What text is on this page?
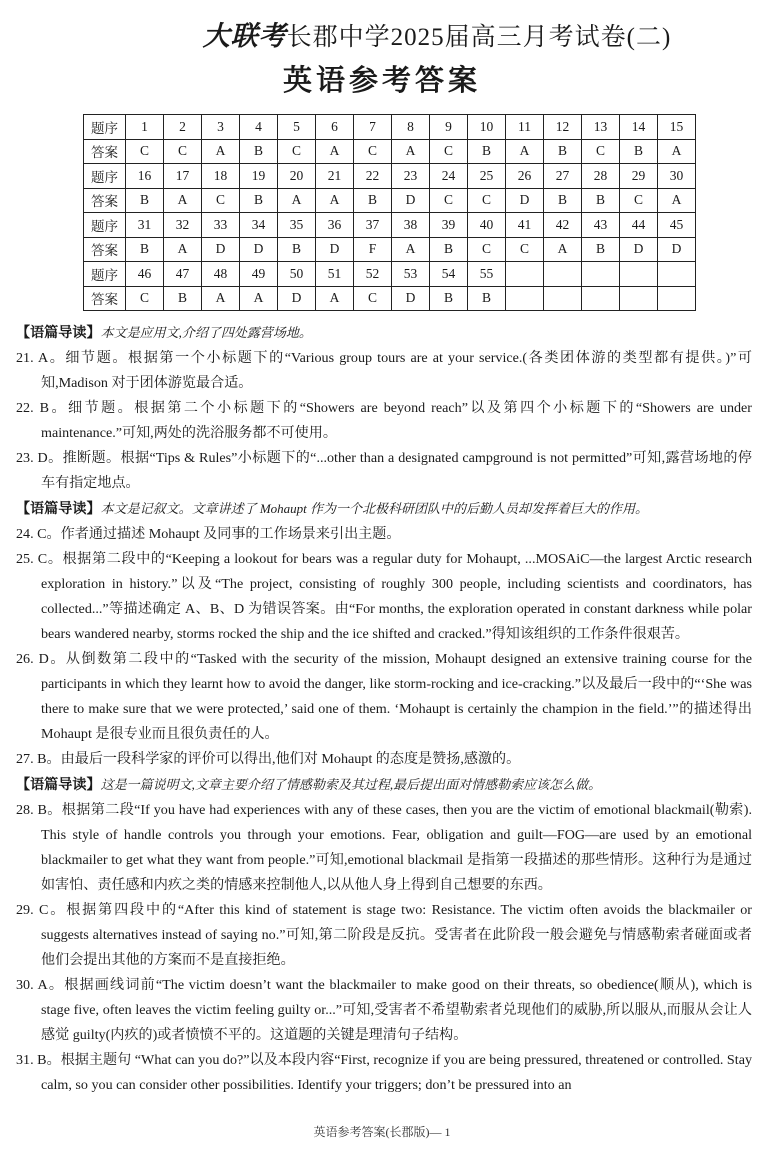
大联考长郡中学2025届高三月考试卷(二)
英语参考答案
题序	1	2	3	4	5	6	7	8	9	10	11	12	13	14	15
答案	C	C	A	B	C	A	C	A	C	B	A	B	C	B	A
题序	16	17	18	19	20	21	22	23	24	25	26	27	28	29	30
答案	B	A	C	B	A	A	B	D	C	C	D	B	B	C	A
题序	31	32	33	34	35	36	37	38	39	40	41	42	43	44	45
答案	B	A	D	D	B	D	F	A	B	C	C	A	B	D	D
题序	46	47	48	49	50	51	52	53	54	55					
答案	C	B	A	A	D	A	C	D	B	B					

【语篇导读】本文是应用文,介绍了四处露营场地。

21. A。细节题。根据第一个小标题下的“Various group tours are at your service.(各类团体游的类型都有提供。)”可知,Madison 对于团体游览最合适。

22. B。细节题。根据第二个小标题下的“Showers are beyond reach”以及第四个小标题下的“Showers are under maintenance.”可知,两处的洗浴服务都不可使用。

23. D。推断题。根据“Tips & Rules”小标题下的“...other than a designated campground is not permitted”可知,露营场地的停车有指定地点。

【语篇导读】本文是记叙文。文章讲述了 Mohaupt 作为一个北极科研团队中的后勤人员却发挥着巨大的作用。

24. C。作者通过描述 Mohaupt 及同事的工作场景来引出主题。

25. C。根据第二段中的“Keeping a lookout for bears was a regular duty for Mohaupt, ...MOSAiC—the largest Arctic research exploration in history.”以及“The project, consisting of roughly 300 people, including scientists and coordinators, has collected...”等描述确定 A、B、D 为错误答案。由“For months, the exploration operated in constant darkness while polar bears wandered nearby, storms rocked the ship and the ice shifted and cracked.”得知该组织的工作条件很艰苦。

26. D。从倒数第二段中的“Tasked with the security of the mission, Mohaupt designed an extensive training course for the participants in which they learnt how to avoid the danger, like storm-rocking and ice-cracking.”以及最后一段中的“‘She was there to make sure that we were protected,’ said one of them. ‘Mohaupt is certainly the champion in the field.’”的描述得出 Mohaupt 是很专业而且很负责任的人。

27. B。由最后一段科学家的评价可以得出,他们对 Mohaupt 的态度是赞扬,感激的。

【语篇导读】这是一篇说明文,文章主要介绍了情感勒索及其过程,最后提出面对情感勒索应该怎么做。

28. B。根据第二段“If you have had experiences with any of these cases, then you are the victim of emotional blackmail(勒索). This style of handle controls you through your emotions. Fear, obligation and guilt—FOG—are used by an emotional blackmailer to get what they want from people.”可知,emotional blackmail 是指第一段描述的那些情形。这种行为是通过如害怕、责任感和内疚之类的情感来控制他人,以从他人身上得到自己想要的东西。

29. C。根据第四段中的“After this kind of statement is stage two: Resistance. The victim often avoids the blackmailer or suggests alternatives instead of saying no.”可知,第二阶段是反抗。受害者在此阶段一般会避免与情感勒索者碰面或者他们会提出其他的方案而不是直接拒绝。

30. A。根据画线词前“The victim doesn’t want the blackmailer to make good on their threats, so obedience(顺从), which is stage five, often leaves the victim feeling guilty or...”可知,受害者不希望勒索者兑现他们的威胁,所以服从,而服从会让人感觉 guilty(内疚的)或者愤愤不平的。这道题的关键是理清句子结构。

31. B。根据主题句 “What can you do?”以及本段内容“First, recognize if you are being pressured, threatened or controlled. Stay calm, so you can consider other possibilities. Identify your triggers; don’t be pressured into an

英语参考答案(长郡版)— 1
